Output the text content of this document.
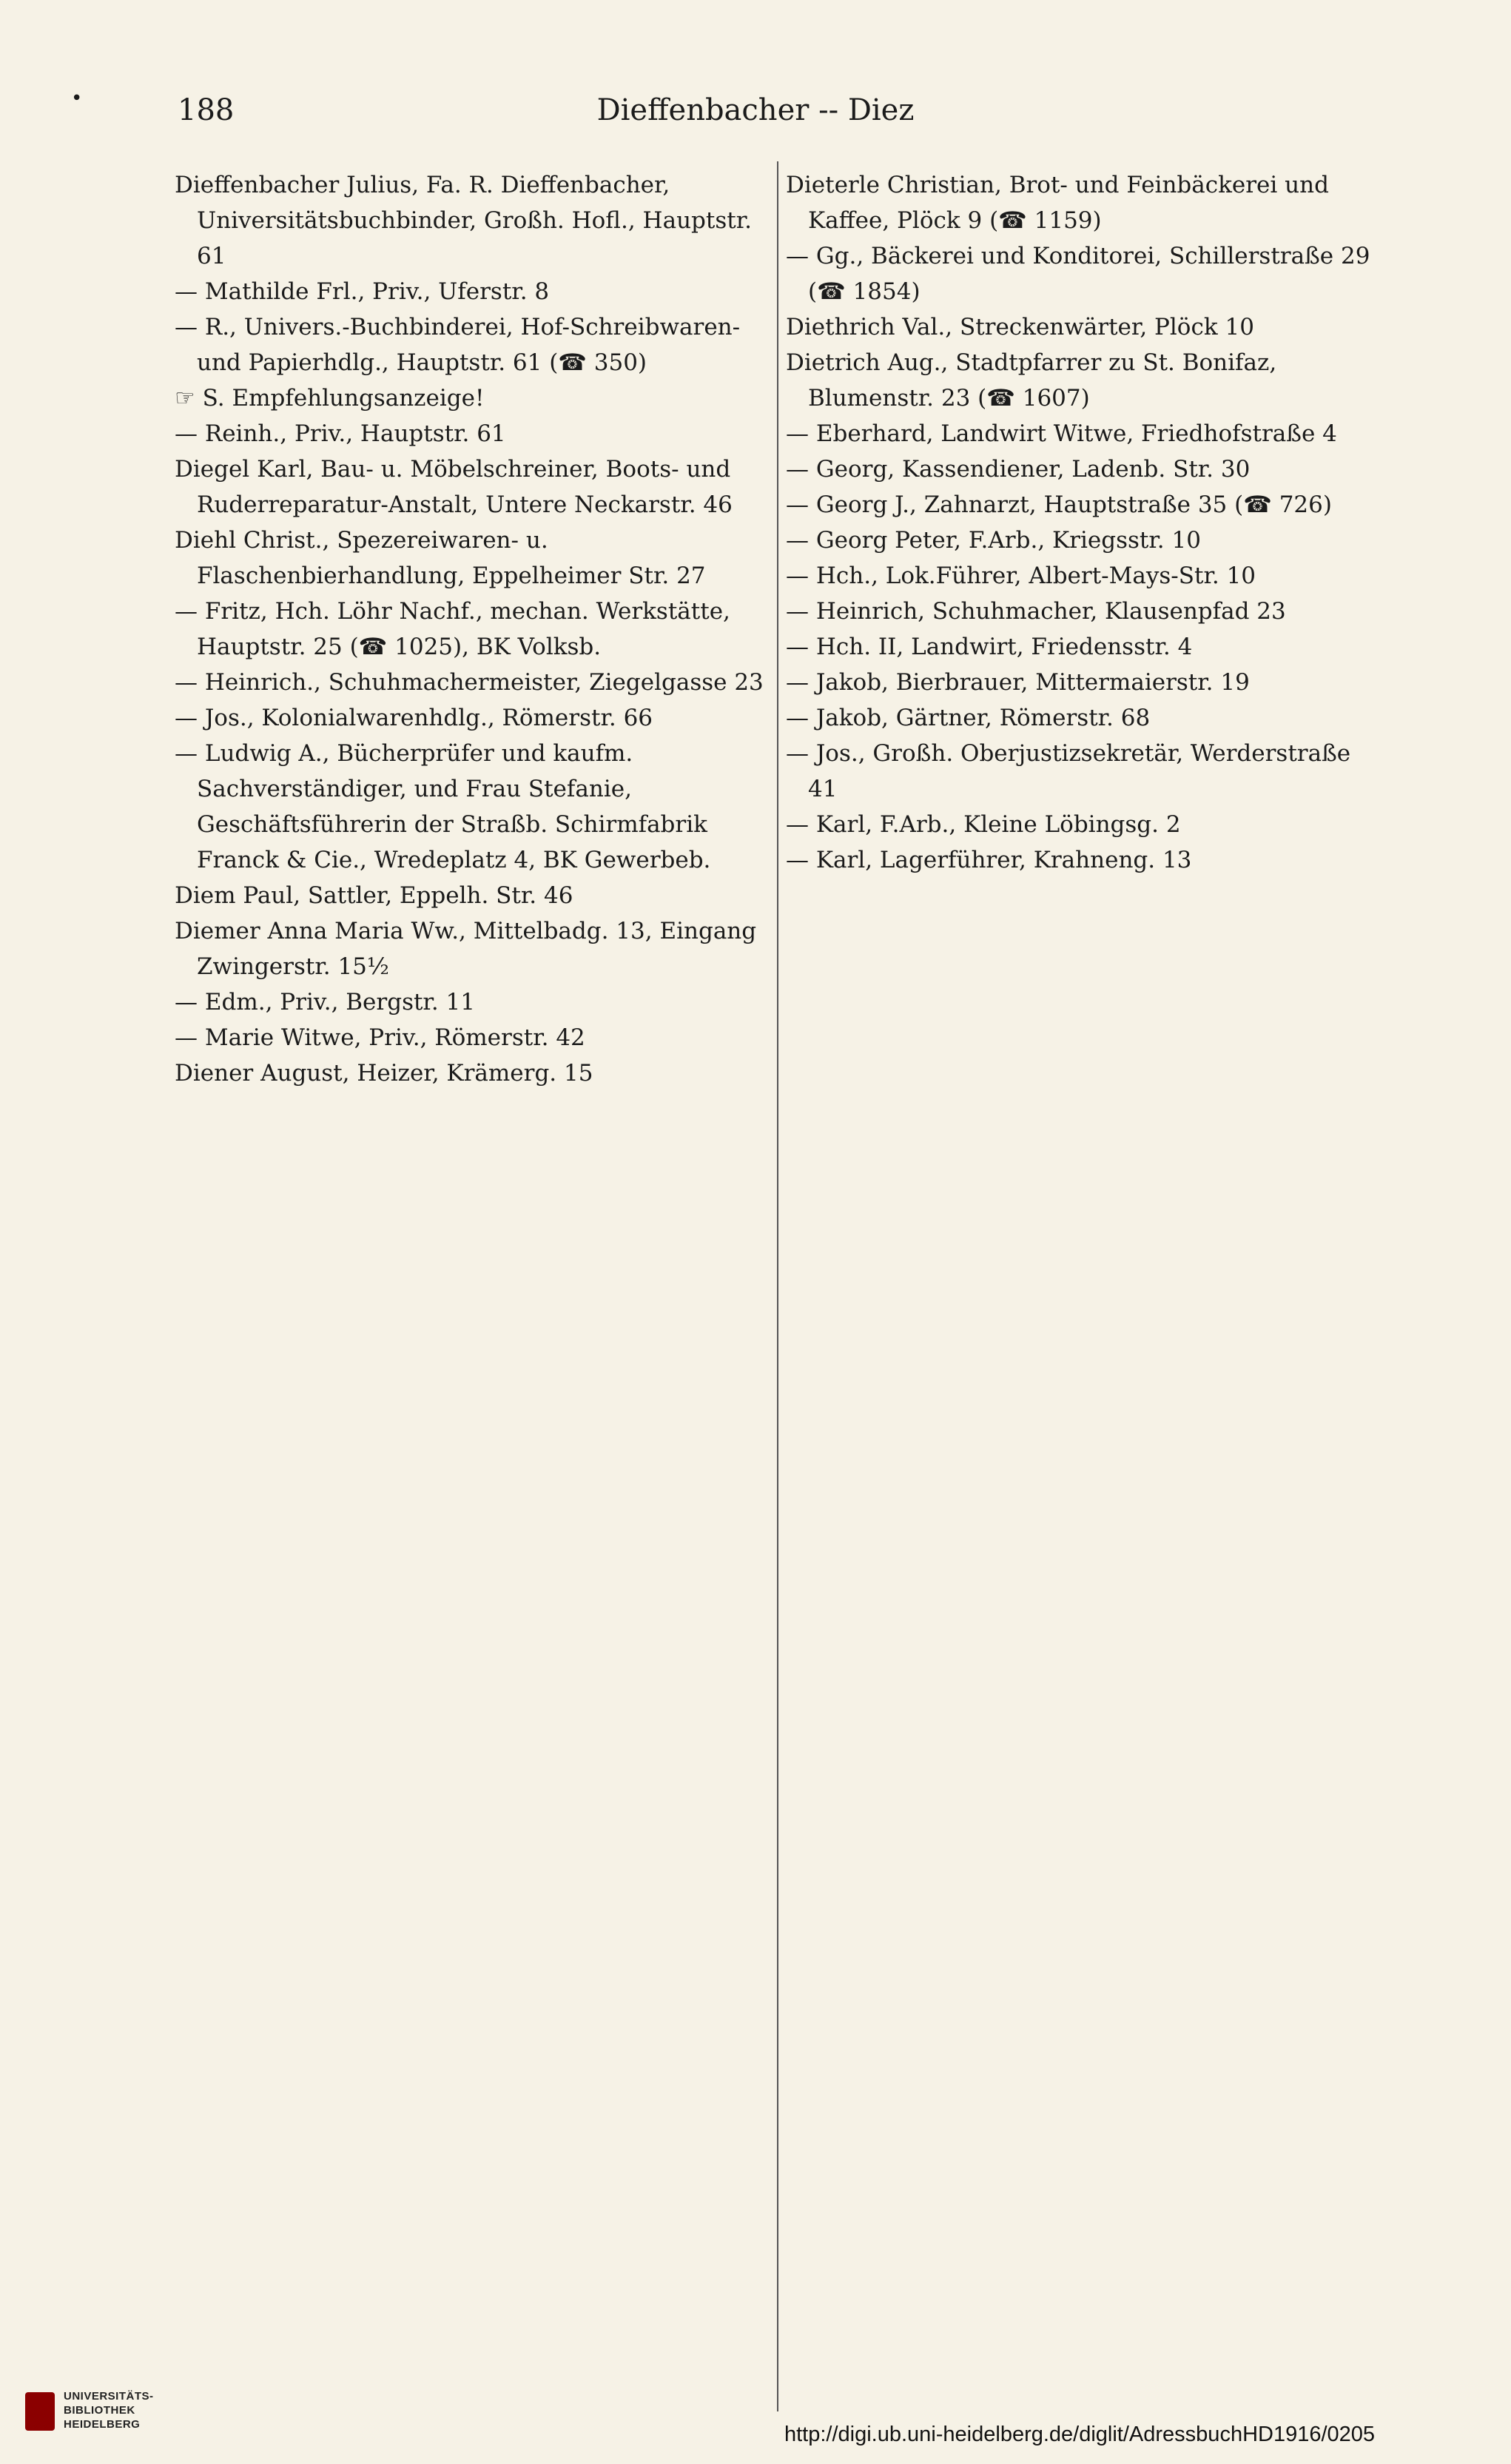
•	188	Dieffenbacher -- Diez

Dieffenbacher Julius, Fa. R. Dieffenbacher, Universitätsbuchbinder, Großh. Hofl., Hauptstr. 61

— Mathilde Frl., Priv., Uferstr. 8

— R., Univers.-Buchbinderei, Hof-Schreibwaren- und Papierhdlg., Hauptstr. 61 (☎ 350)

☞ S. Empfehlungsanzeige!

— Reinh., Priv., Hauptstr. 61

Diegel Karl, Bau- u. Möbelschreiner, Boots- und Ruderreparatur-Anstalt, Untere Neckarstr. 46

Diehl Christ., Spezereiwaren- u. Flaschenbierhandlung, Eppelheimer Str. 27

— Fritz, Hch. Löhr Nachf., mechan. Werkstätte, Hauptstr. 25 (☎ 1025), BK Volksb.

— Heinrich., Schuhmachermeister, Ziegelgasse 23

— Jos., Kolonialwarenhdlg., Römerstr. 66

— Ludwig A., Bücherprüfer und kaufm. Sachverständiger, und Frau Stefanie, Geschäftsführerin der Straßb. Schirmfabrik Franck & Cie., Wredeplatz 4, BK Gewerbeb.

Diem Paul, Sattler, Eppelh. Str. 46

Diemer Anna Maria Ww., Mittelbadg. 13, Eingang Zwingerstr. 15½

— Edm., Priv., Bergstr. 11

— Marie Witwe, Priv., Römerstr. 42

Diener August, Heizer, Krämerg. 15

Dieterle Christian, Brot- und Feinbäckerei und Kaffee, Plöck 9 (☎ 1159)

— Gg., Bäckerei und Konditorei, Schillerstraße 29 (☎ 1854)

Diethrich Val., Streckenwärter, Plöck 10

Dietrich Aug., Stadtpfarrer zu St. Bonifaz, Blumenstr. 23 (☎ 1607)

— Eberhard, Landwirt Witwe, Friedhofstraße 4

— Georg, Kassendiener, Ladenb. Str. 30

— Georg J., Zahnarzt, Hauptstraße 35 (☎ 726)

— Georg Peter, F.Arb., Kriegsstr. 10

— Hch., Lok.Führer, Albert-Mays-Str. 10

— Heinrich, Schuhmacher, Klausenpfad 23

— Hch. II, Landwirt, Friedensstr. 4

— Jakob, Bierbrauer, Mittermaierstr. 19

— Jakob, Gärtner, Römerstr. 68

— Jos., Großh. Oberjustizsekretär, Werderstraße 41

— Karl, F.Arb., Kleine Löbingsg. 2

— Karl, Lagerführer, Krahneng. 13

UNIVERSITÄTS-
BIBLIOTHEK
HEIDELBERG	http://digi.ub.uni-heidelberg.de/diglit/AdressbuchHD1916/0205
